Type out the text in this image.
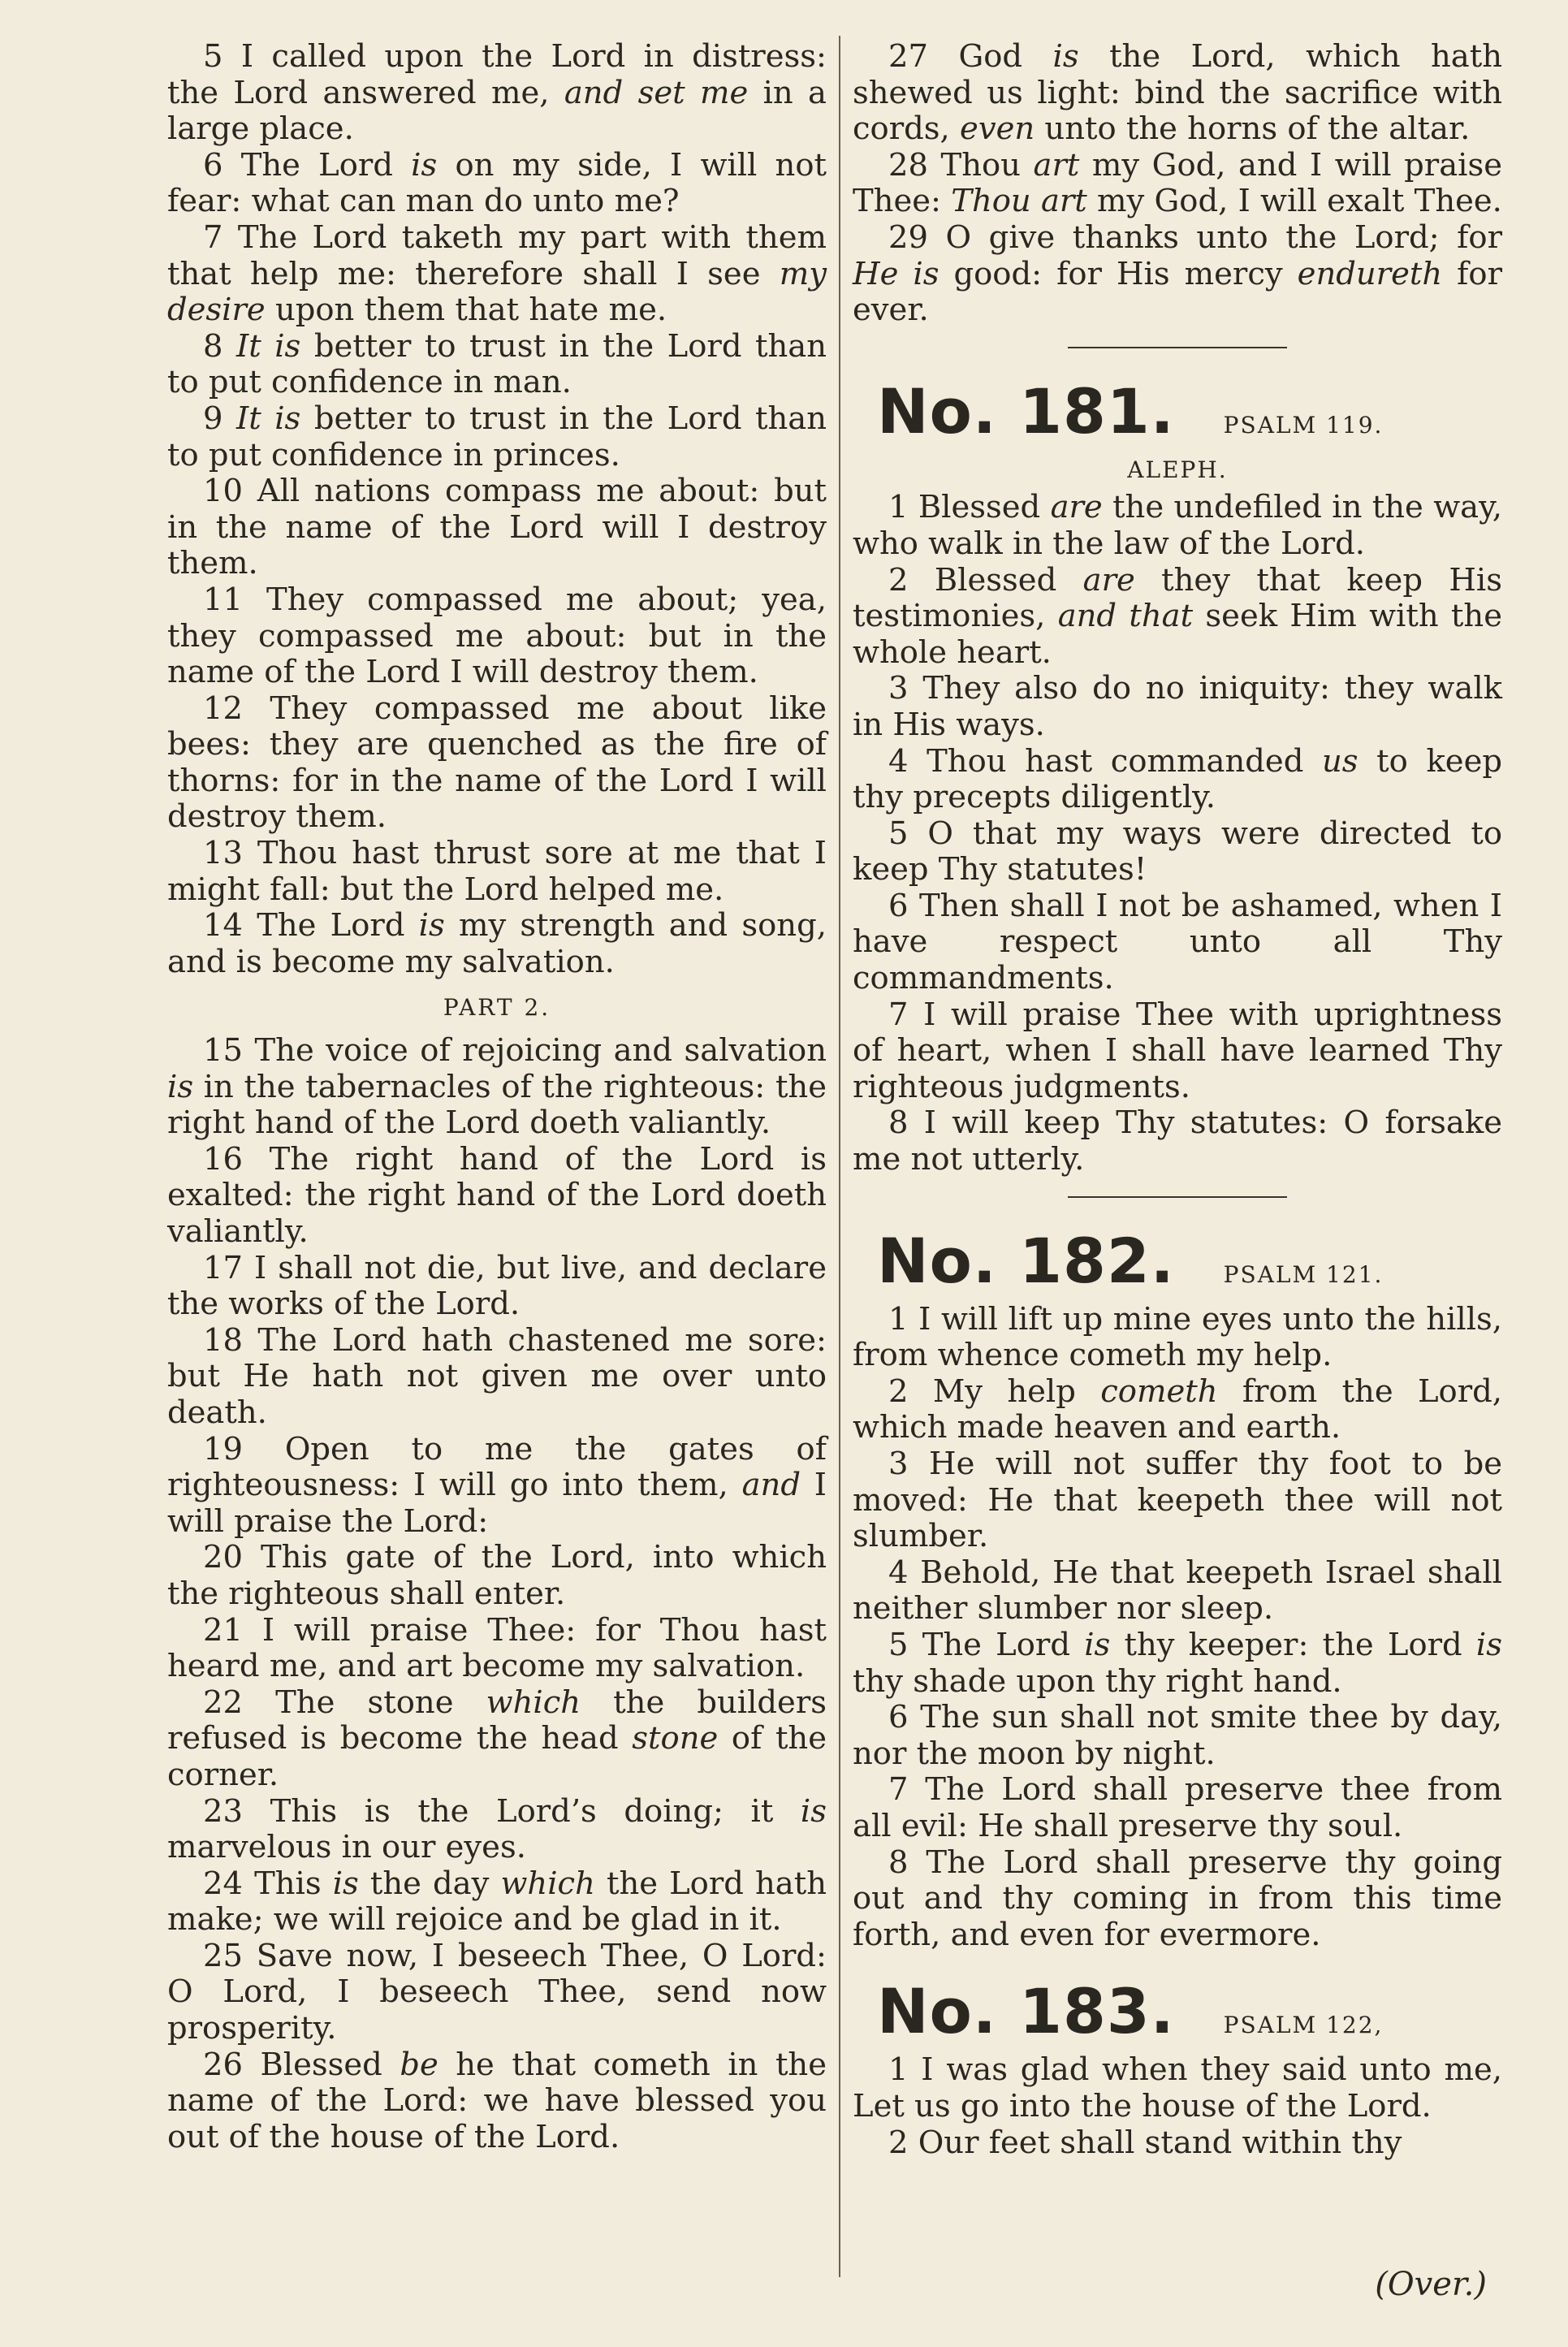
5 I called upon the Lord in distress: the Lord answered me, and set me in a large place.

6 The Lord is on my side, I will not fear: what can man do unto me?

7 The Lord taketh my part with them that help me: therefore shall I see my desire upon them that hate me.

8 It is better to trust in the Lord than to put confidence in man.

9 It is better to trust in the Lord than to put confidence in princes.

10 All nations compass me about: but in the name of the Lord will I destroy them.

11 They compassed me about; yea, they compassed me about: but in the name of the Lord I will destroy them.

12 They compassed me about like bees: they are quenched as the fire of thorns: for in the name of the Lord I will destroy them.

13 Thou hast thrust sore at me that I might fall: but the Lord helped me.

14 The Lord is my strength and song, and is become my salvation.

PART 2.

15 The voice of rejoicing and salvation is in the tabernacles of the righteous: the right hand of the Lord doeth valiantly.

16 The right hand of the Lord is exalted: the right hand of the Lord doeth valiantly.

17 I shall not die, but live, and declare the works of the Lord.

18 The Lord hath chastened me sore: but He hath not given me over unto death.

19 Open to me the gates of righteousness: I will go into them, and I will praise the Lord:

20 This gate of the Lord, into which the righteous shall enter.

21 I will praise Thee: for Thou hast heard me, and art become my salvation.

22 The stone which the builders refused is become the head stone of the corner.

23 This is the Lord’s doing; it is marvelous in our eyes.

24 This is the day which the Lord hath make; we will rejoice and be glad in it.

25 Save now, I beseech Thee, O Lord: O Lord, I beseech Thee, send now prosperity.

26 Blessed be he that cometh in the name of the Lord: we have blessed you out of the house of the Lord.

27 God is the Lord, which hath shewed us light: bind the sacrifice with cords, even unto the horns of the altar.

28 Thou art my God, and I will praise Thee: Thou art my God, I will exalt Thee.

29 O give thanks unto the Lord; for He is good: for His mercy endureth for ever.

No. 181. PSALM 119.
ALEPH.

1 Blessed are the undefiled in the way, who walk in the law of the Lord.

2 Blessed are they that keep His testimonies, and that seek Him with the whole heart.

3 They also do no iniquity: they walk in His ways.

4 Thou hast commanded us to keep thy precepts diligently.

5 O that my ways were directed to keep Thy statutes!

6 Then shall I not be ashamed, when I have respect unto all Thy commandments.

7 I will praise Thee with uprightness of heart, when I shall have learned Thy righteous judgments.

8 I will keep Thy statutes: O forsake me not utterly.

No. 182. PSALM 121.

1 I will lift up mine eyes unto the hills, from whence cometh my help.

2 My help cometh from the Lord, which made heaven and earth.

3 He will not suffer thy foot to be moved: He that keepeth thee will not slumber.

4 Behold, He that keepeth Israel shall neither slumber nor sleep.

5 The Lord is thy keeper: the Lord is thy shade upon thy right hand.

6 The sun shall not smite thee by day, nor the moon by night.

7 The Lord shall preserve thee from all evil: He shall preserve thy soul.

8 The Lord shall preserve thy going out and thy coming in from this time forth, and even for evermore.

No. 183. PSALM 122,

1 I was glad when they said unto me, Let us go into the house of the Lord.

2 Our feet shall stand within thy

(Over.)
